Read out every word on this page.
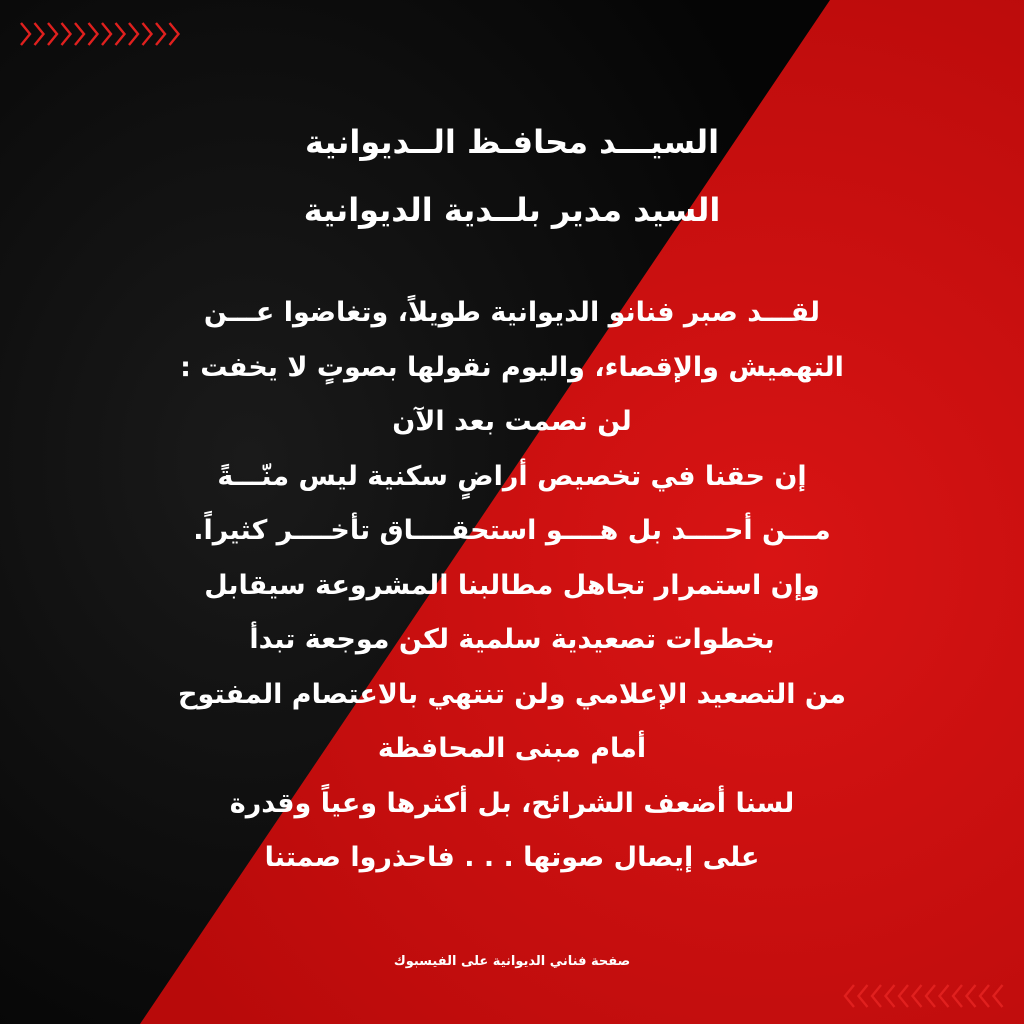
السيـــد محافـظ الــديوانية
السيد مدير بلــدية الديوانية
لقـــد صبر فنانو الديوانية طويلاً، وتغاضوا عـــن
التهميش والإقصاء، واليوم نقولها بصوتٍ لا يخفت :
لن نصمت بعد الآن
إن حقنا في تخصيص أراضٍ سكنية ليس منّـــةً
مـــن أحــــد بل هــــو استحقــــاق تأخــــر كثيراً.
وإن استمرار تجاهل مطالبنا المشروعة سيقابل
بخطوات تصعيدية سلمية لكن موجعة تبدأ
من التصعيد الإعلامي ولن تنتهي بالاعتصام المفتوح
أمام مبنى المحافظة
لسنا أضعف الشرائح، بل أكثرها وعياً وقدرة
على إيصال صوتها . . . فاحذروا صمتنا
صفحة فناني الديوانية على الفيسبوك
